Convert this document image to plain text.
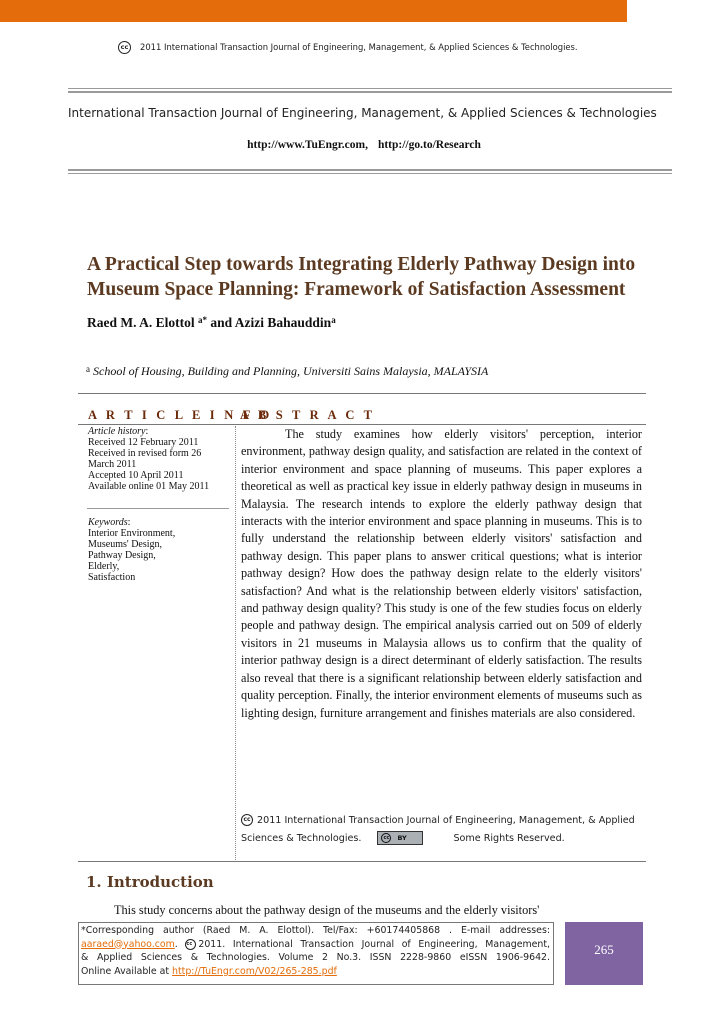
cc 2011 International Transaction Journal of Engineering, Management, & Applied Sciences & Technologies.
International Transaction Journal of Engineering, Management, & Applied Sciences & Technologies
http://www.TuEngr.com, http://go.to/Research
A Practical Step towards Integrating Elderly Pathway Design into
Museum Space Planning: Framework of Satisfaction Assessment
Raed M. A. Elottol $^{a*}$ and Azizi Bahauddin$^a$
$^a$ School of Housing, Building and Planning, Universiti Sains Malaysia, MALAYSIA
A R T I C L E I N F O
A B S T R A C T
Article history:
Received 12 February 2011
Received in revised form 26
March 2011
Accepted 10 April 2011
Available online 01 May 2011
Keywords:
Interior Environment,
Museums' Design,
Pathway Design,
Elderly,
Satisfaction

The study examines how elderly visitors' perception, interior environment, pathway design quality, and satisfaction are related in the context of interior environment and space planning of museums. This paper explores a theoretical as well as practical key issue in elderly pathway design in museums in Malaysia. The research intends to explore the elderly pathway design that interacts with the interior environment and space planning in museums. This is to fully understand the relationship between elderly visitors' satisfaction and pathway design. This paper plans to answer critical questions; what is interior pathway design? How does the pathway design relate to the elderly visitors' satisfaction? And what is the relationship between elderly visitors' satisfaction, and pathway design quality? This study is one of the few studies focus on elderly people and pathway design. The empirical analysis carried out on 509 of elderly visitors in 21 museums in Malaysia allows us to confirm that the quality of interior pathway design is a direct determinant of elderly satisfaction. The results also reveal that there is a significant relationship between elderly satisfaction and quality perception. Finally, the interior environment elements of museums such as lighting design, furniture arrangement and finishes materials are also considered.

cc 2011 International Transaction Journal of Engineering, Management, & Applied
Sciences & Technologies.	cc BY	Some Rights Reserved.
1. Introduction
This study concerns about the pathway design of the museums and the elderly visitors'
*Corresponding author (Raed M. A. Elottol). Tel/Fax: +60174405868 . E-mail addresses:
aaraed@yahoo.com. cc 2011. International Transaction Journal of Engineering, Management,
& Applied Sciences & Technologies. Volume 2 No.3. ISSN 2228-9860 eISSN 1906-9642.
Online Available at http://TuEngr.com/V02/265-285.pdf
265
